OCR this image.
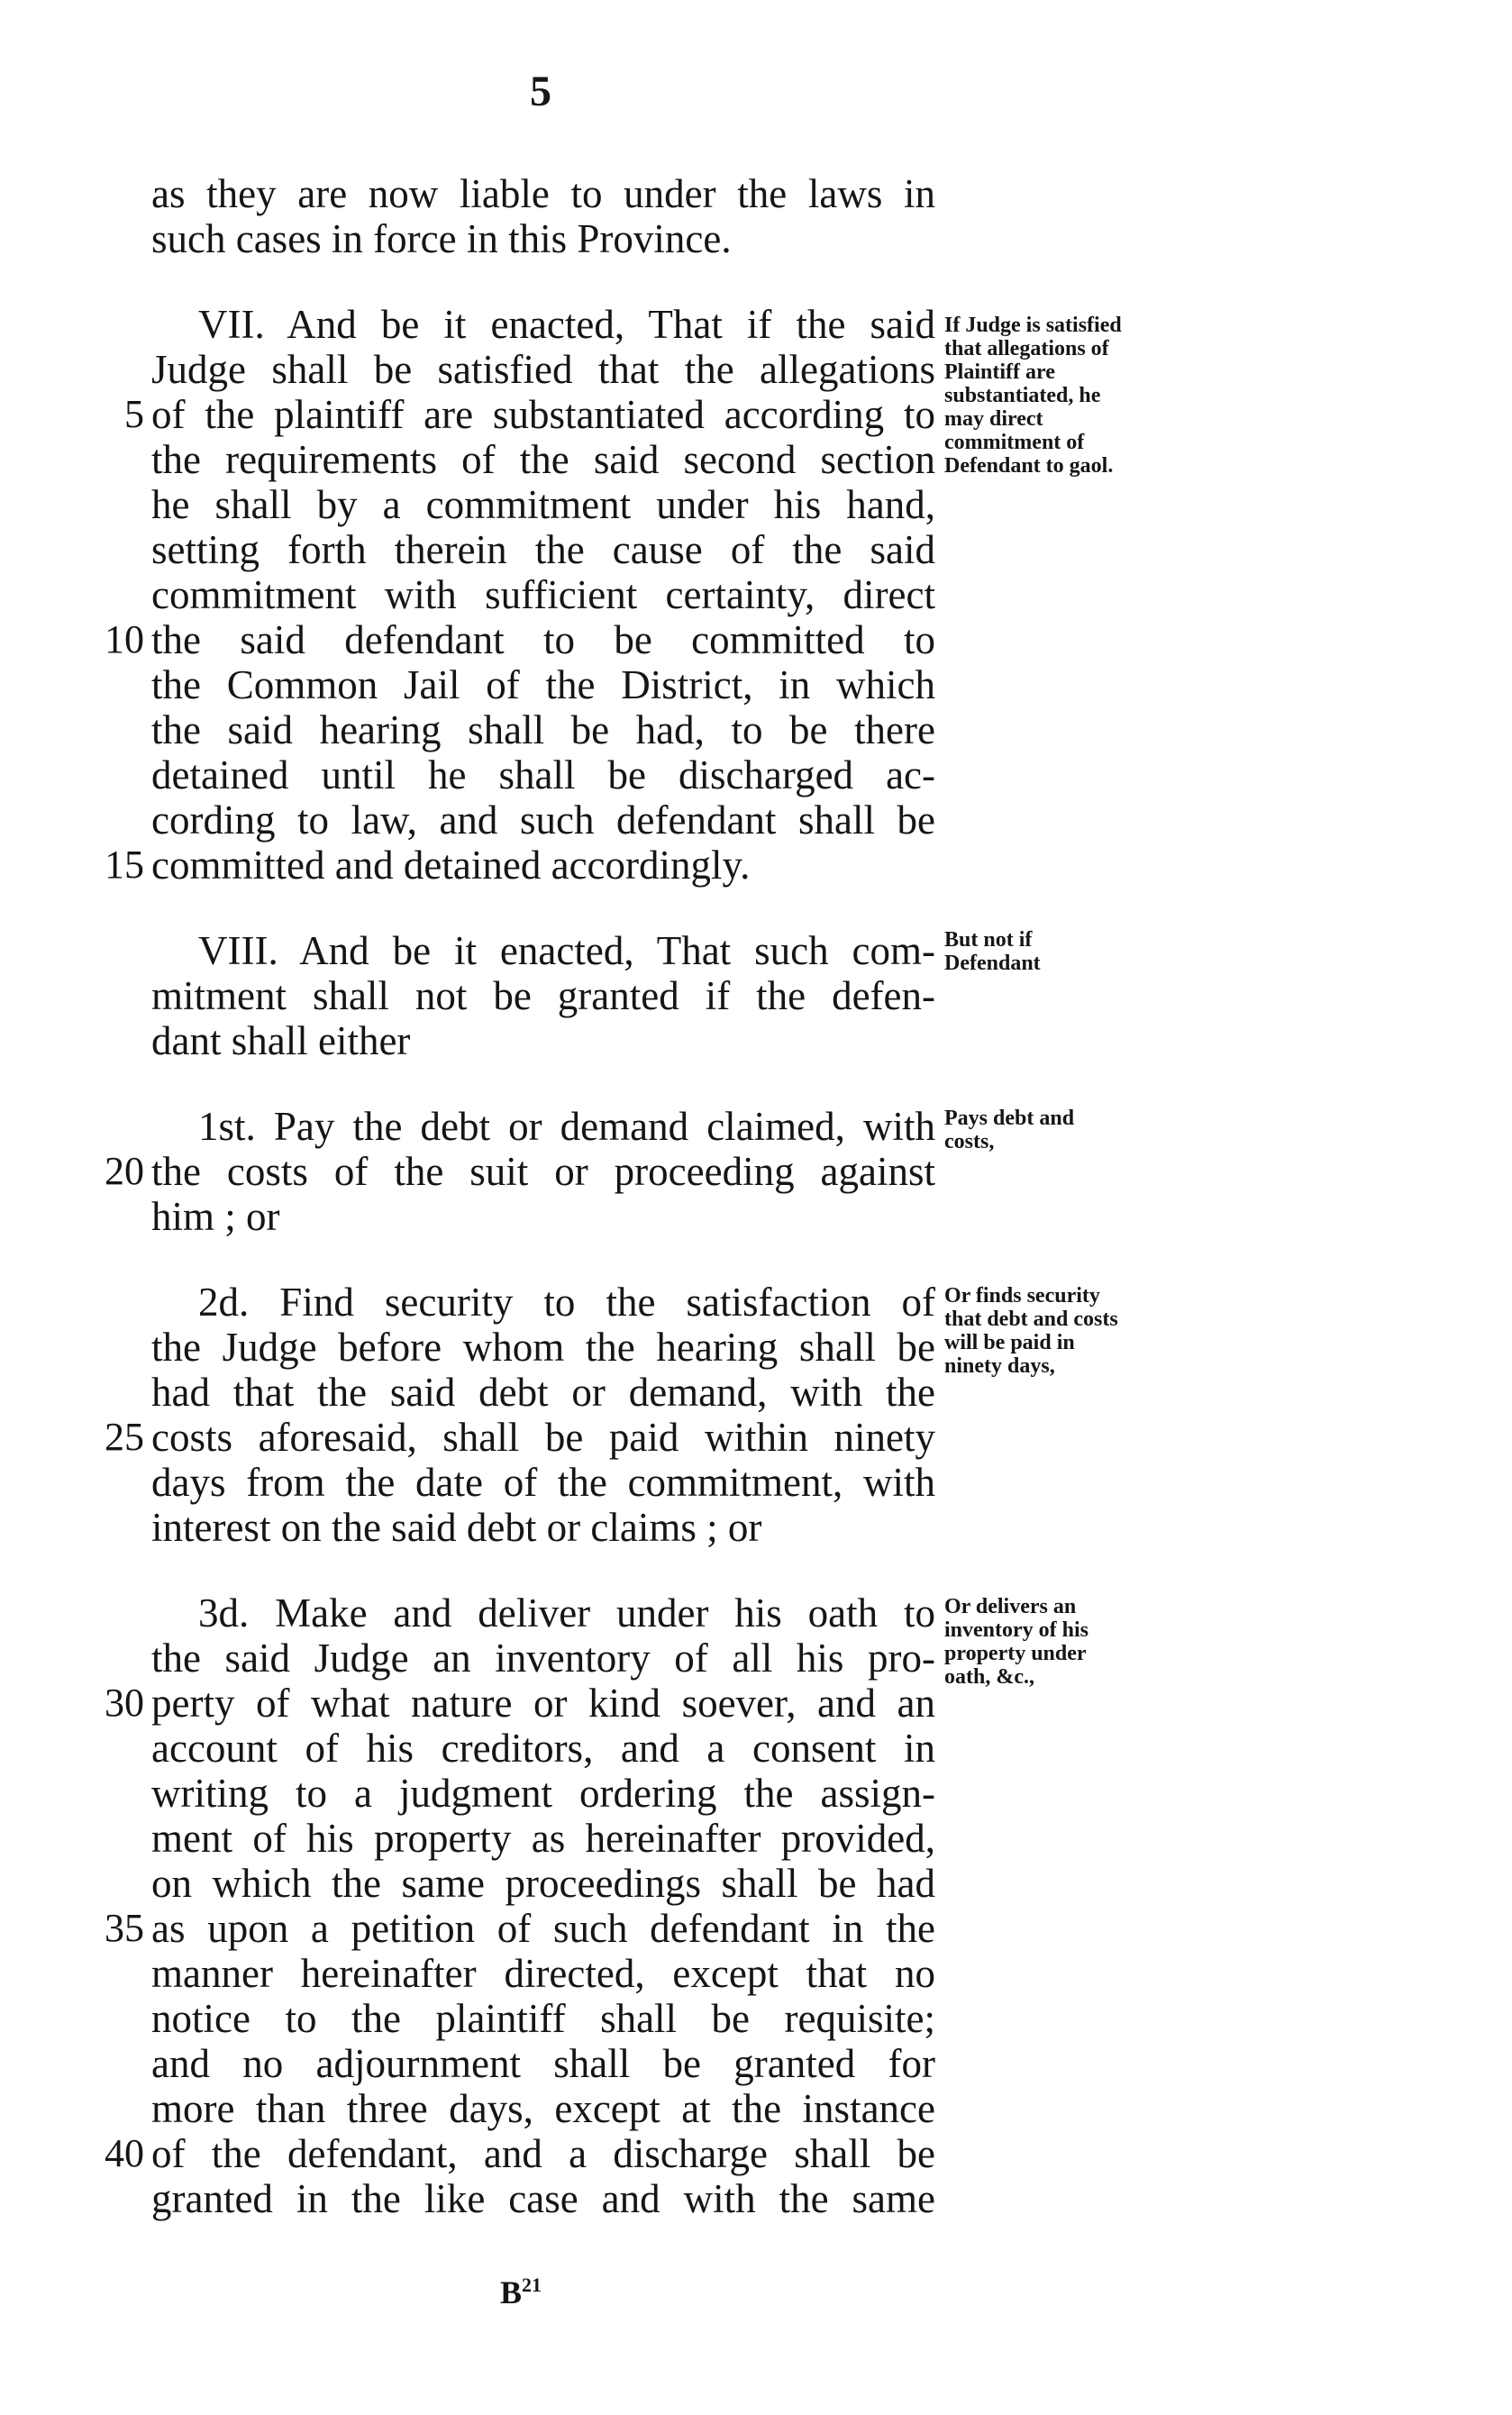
5
as they are now liable to under the laws in
such cases in force in this Province.
VII. And be it enacted, That if the said
Judge shall be satisfied that the allegations
5 of the plaintiff are substantiated according to
the requirements of the said second section
he shall by a commitment under his hand,
setting forth therein the cause of the said
commitment with sufficient certainty, direct
10 the said defendant to be committed to
the Common Jail of the District, in which
the said hearing shall be had, to be there
detained until he shall be discharged ac-
cording to law, and such defendant shall be
15 committed and detained accordingly.
If Judge is satisfied that allegations of Plaintiff are substantiated, he may direct commitment of Defendant to gaol.
VIII. And be it enacted, That such com-
mitment shall not be granted if the defen-
dant shall either
But not if Defendant
1st. Pay the debt or demand claimed, with
20 the costs of the suit or proceeding against
him ; or
Pays debt and costs,
2d. Find security to the satisfaction of
the Judge before whom the hearing shall be
had that the said debt or demand, with the
25 costs aforesaid, shall be paid within ninety
days from the date of the commitment, with
interest on the said debt or claims ; or
Or finds security that debt and costs will be paid in ninety days,
3d. Make and deliver under his oath to
the said Judge an inventory of all his pro-
30 perty of what nature or kind soever, and an
account of his creditors, and a consent in
writing to a judgment ordering the assign-
ment of his property as hereinafter provided,
on which the same proceedings shall be had
35 as upon a petition of such defendant in the
manner hereinafter directed, except that no
notice to the plaintiff shall be requisite;
and no adjournment shall be granted for
more than three days, except at the instance
40 of the defendant, and a discharge shall be
granted in the like case and with the same
Or delivers an inventory of his property under oath, &c.,
$B^{21}$
